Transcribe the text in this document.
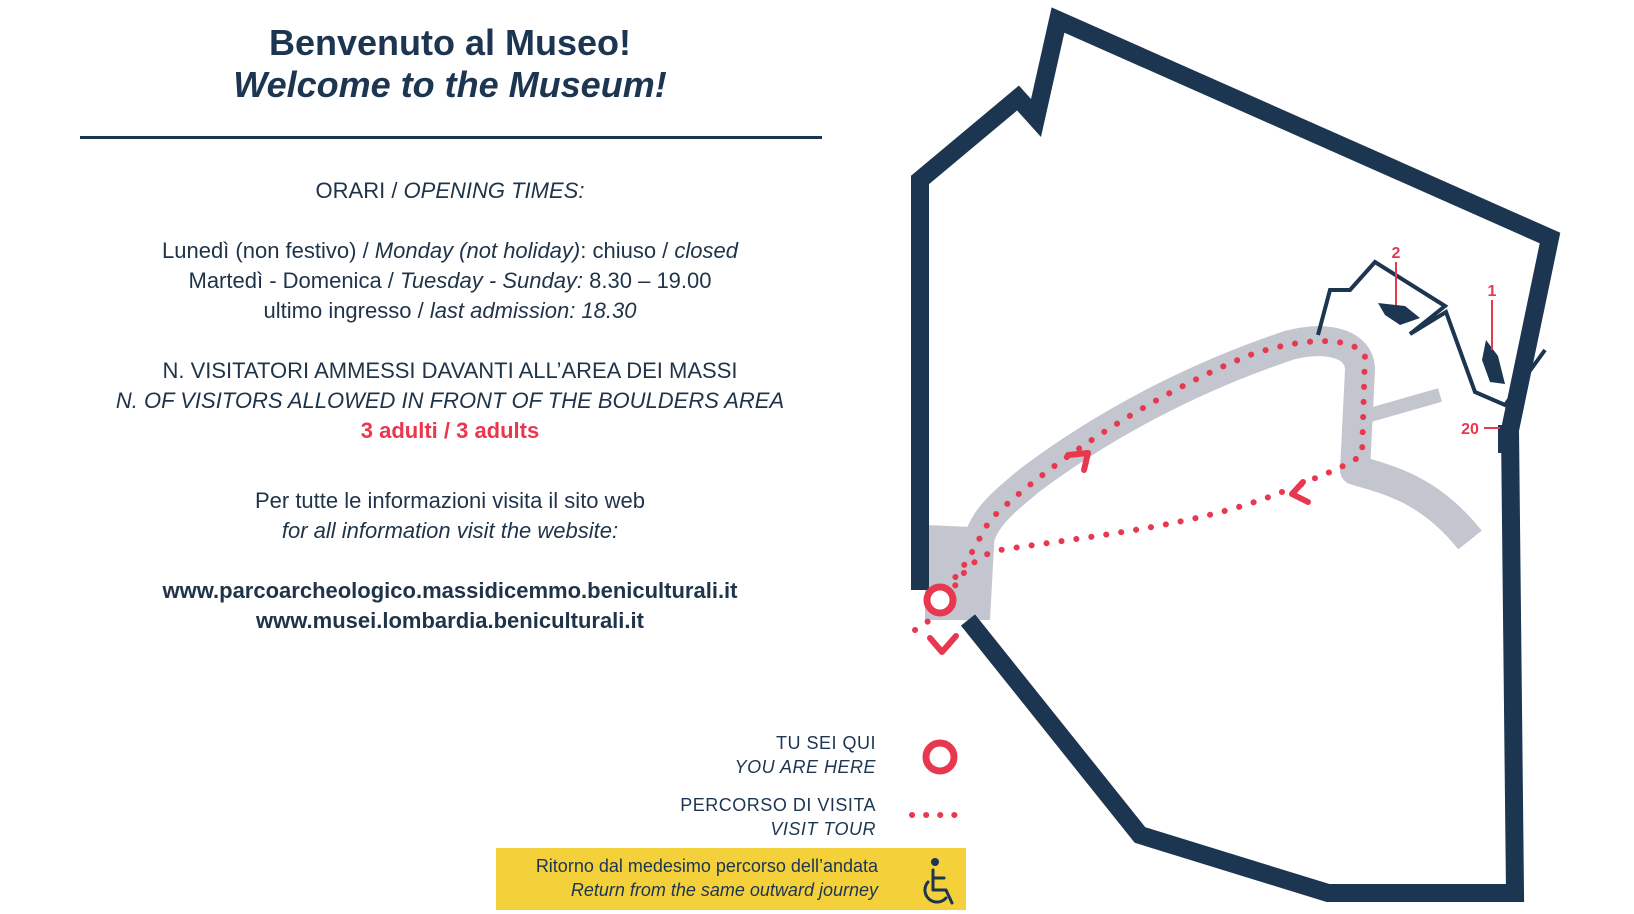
Benvenuto al Museo!
Welcome to the Museum!
ORARI / OPENING TIMES:
Lunedì (non festivo) / Monday (not holiday): chiuso / closed
Martedì - Domenica / Tuesday - Sunday: 8.30 – 19.00
ultimo ingresso / last admission: 18.30
N. VISITATORI AMMESSI DAVANTI ALL’AREA DEI MASSI
N. OF VISITORS ALLOWED IN FRONT OF THE BOULDERS AREA
3 adulti / 3 adults
Per tutte le informazioni visita il sito web
for all information visit the website:
www.parcoarcheologico.massidicemmo.beniculturali.it
www.musei.lombardia.beniculturali.it
TU SEI QUI
YOU ARE HERE
PERCORSO DI VISITA
VISIT TOUR
Ritorno dal medesimo percorso dell’andata
Return from the same outward journey
2
1
20
